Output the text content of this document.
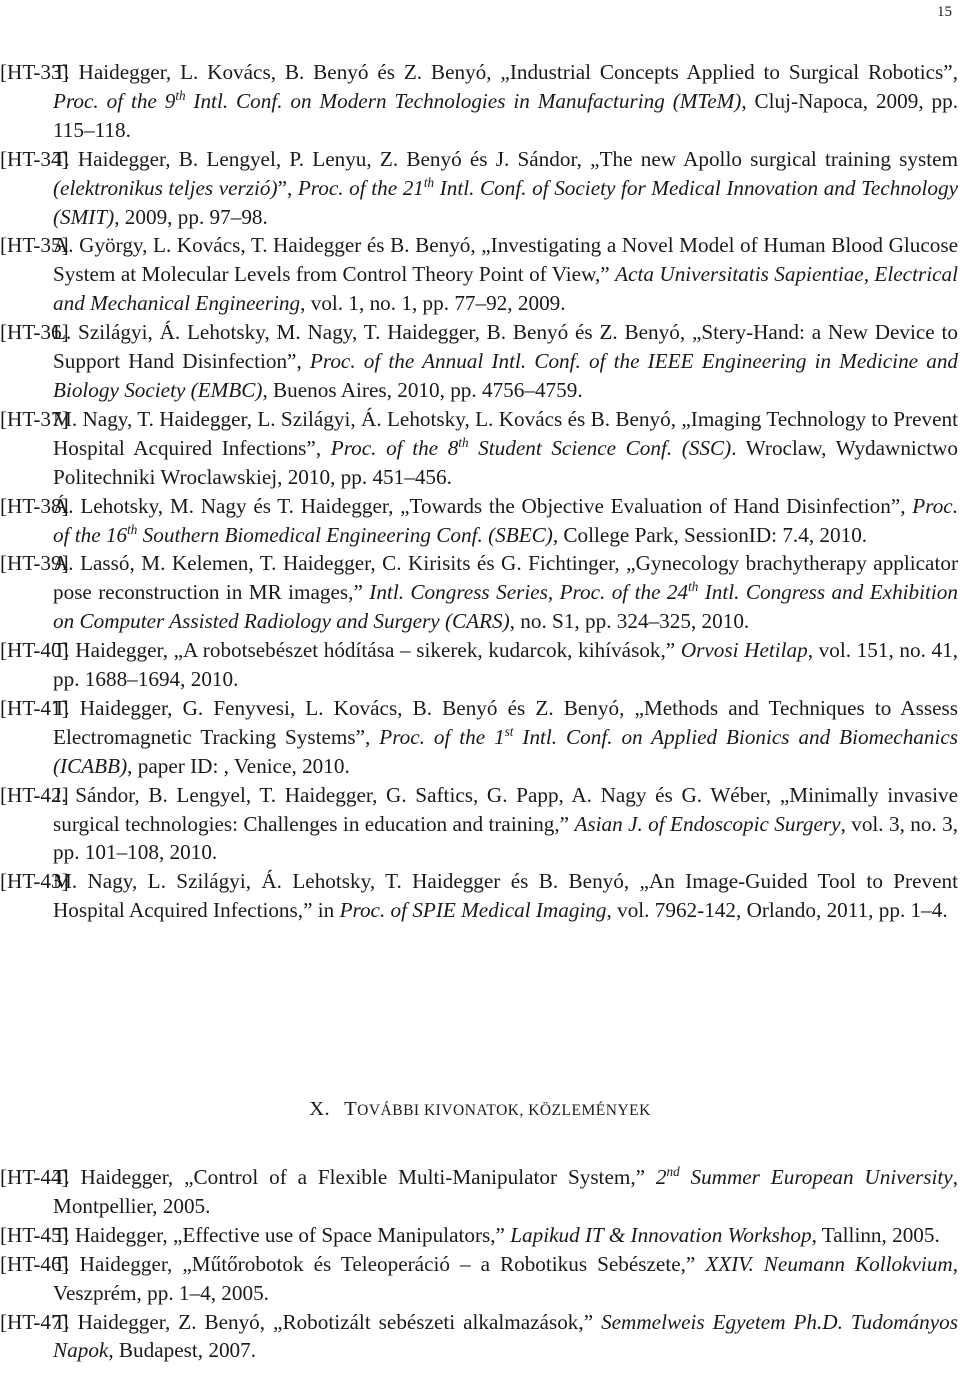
15
[HT-33]
T. Haidegger, L. Kovács, B. Benyó és Z. Benyó, „Industrial Concepts Applied to Surgical Robotics”, Proc. of the 9th Intl. Conf. on Modern Technologies in Manufacturing (MTeM), Cluj-Napoca, 2009, pp. 115–118.
[HT-34]
T. Haidegger, B. Lengyel, P. Lenyu, Z. Benyó és J. Sándor, „The new Apollo surgical training system (elektronikus teljes verzió)”, Proc. of the 21th Intl. Conf. of Society for Medical Innovation and Technology (SMIT), 2009, pp. 97–98.
[HT-35]
A. György, L. Kovács, T. Haidegger és B. Benyó, „Investigating a Novel Model of Human Blood Glucose System at Molecular Levels from Control Theory Point of View,” Acta Universitatis Sapientiae, Electrical and Mechanical Engineering, vol. 1, no. 1, pp. 77–92, 2009.
[HT-36]
L. Szilágyi, Á. Lehotsky, M. Nagy, T. Haidegger, B. Benyó és Z. Benyó, „Stery-Hand: a New Device to Support Hand Disinfection”, Proc. of the Annual Intl. Conf. of the IEEE Engineering in Medicine and Biology Society (EMBC), Buenos Aires, 2010, pp. 4756–4759.
[HT-37]
M. Nagy, T. Haidegger, L. Szilágyi, Á. Lehotsky, L. Kovács és B. Benyó, „Imaging Technology to Prevent Hospital Acquired Infections”, Proc. of the 8th Student Science Conf. (SSC). Wroclaw, Wydawnictwo Politechniki Wroclawskiej, 2010, pp. 451–456.
[HT-38]
Á. Lehotsky, M. Nagy és T. Haidegger, „Towards the Objective Evaluation of Hand Disinfection”, Proc. of the 16th Southern Biomedical Engineering Conf. (SBEC), College Park, SessionID: 7.4, 2010.
[HT-39]
A. Lassó, M. Kelemen, T. Haidegger, C. Kirisits és G. Fichtinger, „Gynecology brachytherapy applicator pose reconstruction in MR images,” Intl. Congress Series, Proc. of the 24th Intl. Congress and Exhibition on Computer Assisted Radiology and Surgery (CARS), no. S1, pp. 324–325, 2010.
[HT-40]
T. Haidegger, „A robotsebészet hódítása – sikerek, kudarcok, kihívások,” Orvosi Hetilap, vol. 151, no. 41, pp. 1688–1694, 2010.
[HT-41]
T. Haidegger, G. Fenyvesi, L. Kovács, B. Benyó és Z. Benyó, „Methods and Techniques to Assess Electromagnetic Tracking Systems”, Proc. of the 1st Intl. Conf. on Applied Bionics and Biomechanics (ICABB), paper ID: , Venice, 2010.
[HT-42]
J. Sándor, B. Lengyel, T. Haidegger, G. Saftics, G. Papp, A. Nagy és G. Wéber, „Minimally invasive surgical technologies: Challenges in education and training,” Asian J. of Endoscopic Surgery, vol. 3, no. 3, pp. 101–108, 2010.
[HT-43]
M. Nagy, L. Szilágyi, Á. Lehotsky, T. Haidegger és B. Benyó, „An Image-Guided Tool to Prevent Hospital Acquired Infections,” in Proc. of SPIE Medical Imaging, vol. 7962-142, Orlando, 2011, pp. 1–4.
X. TOVÁBBI KIVONATOK, KÖZLEMÉNYEK
[HT-44]
T. Haidegger, „Control of a Flexible Multi-Manipulator System,” 2nd Summer European University, Montpellier, 2005.
[HT-45]
T. Haidegger, „Effective use of Space Manipulators,” Lapikud IT & Innovation Workshop, Tallinn, 2005.
[HT-46]
T. Haidegger, „Műtőrobotok és Teleoperáció – a Robotikus Sebészete,” XXIV. Neumann Kollokvium, Veszprém, pp. 1–4, 2005.
[HT-47]
T. Haidegger, Z. Benyó, „Robotizált sebészeti alkalmazások,” Semmelweis Egyetem Ph.D. Tudományos Napok, Budapest, 2007.
